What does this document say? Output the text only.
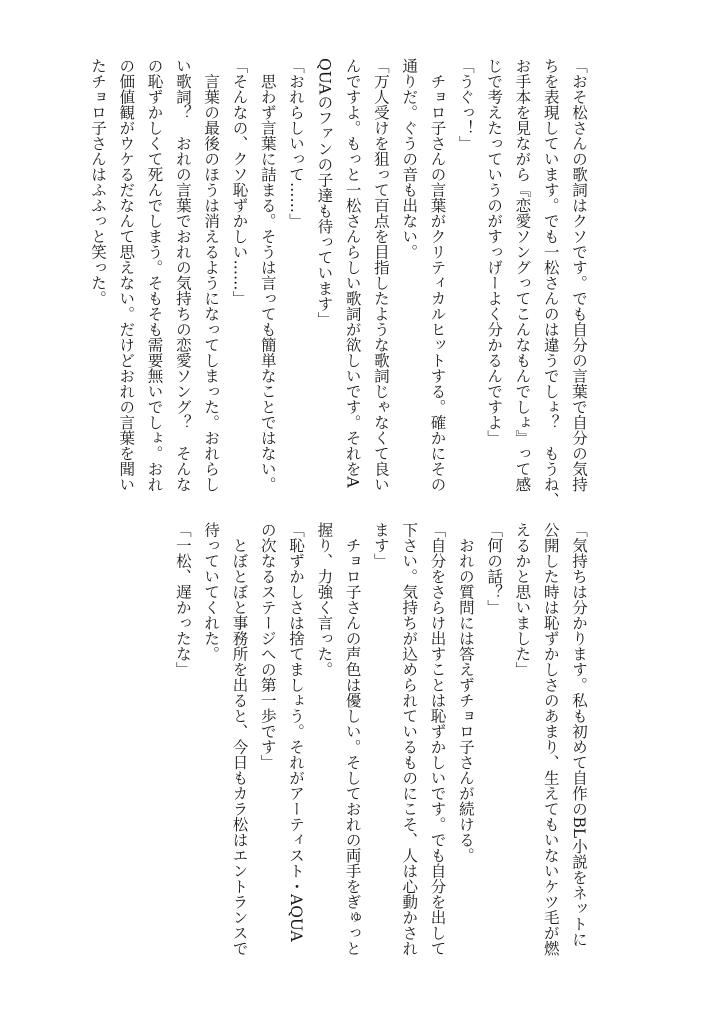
「おそ松さんの歌詞はクソです。でも自分の言葉で自分の気持
ちを表現しています。でも一松さんのは違うでしょ？　もうね、
お手本を見ながら『恋愛ソングってこんなもんでしょ』って感
じで考えたっていうのがすっげーよく分かるんですよ」
「うぐっ！」
　チョロ子さんの言葉がクリティカルヒットする。確かにその
通りだ。ぐうの音も出ない。
「万人受けを狙って百点を目指したような歌詞じゃなくて良い
んですよ。もっと一松さんらしい歌詞が欲しいです。それをA
QUAのファンの子達も待っています」
「おれらしいって……」
　思わず言葉に詰まる。そうは言っても簡単なことではない。
「そんなの、クソ恥ずかしい……」
　言葉の最後のほうは消えるようになってしまった。おれらし
い歌詞？　おれの言葉でおれの気持ちの恋愛ソング？　そんな
の恥ずかしくて死んでしまう。そもそも需要無いでしょ。おれ
の価値観がウケるだなんて思えない。だけどおれの言葉を聞い
たチョロ子さんはふふっと笑った。
「気持ちは分かります。私も初めて自作のBL小説をネットに
公開した時は恥ずかしさのあまり、生えてもいないケツ毛が燃
えるかと思いました」
「何の話？」
　おれの質問には答えずチョロ子さんが続ける。
「自分をさらけ出すことは恥ずかしいです。でも自分を出して
下さい。気持ちが込められているものにこそ、人は心動かされ
ます」
　チョロ子さんの声色は優しい。そしておれの両手をぎゅっと
握り、力強く言った。
「恥ずかしさは捨てましょう。それがアーティスト・AQUA
の次なるステージへの第一歩です」
　とぼとぼと事務所を出ると、今日もカラ松はエントランスで
待っていてくれた。
「一松、遅かったな」
